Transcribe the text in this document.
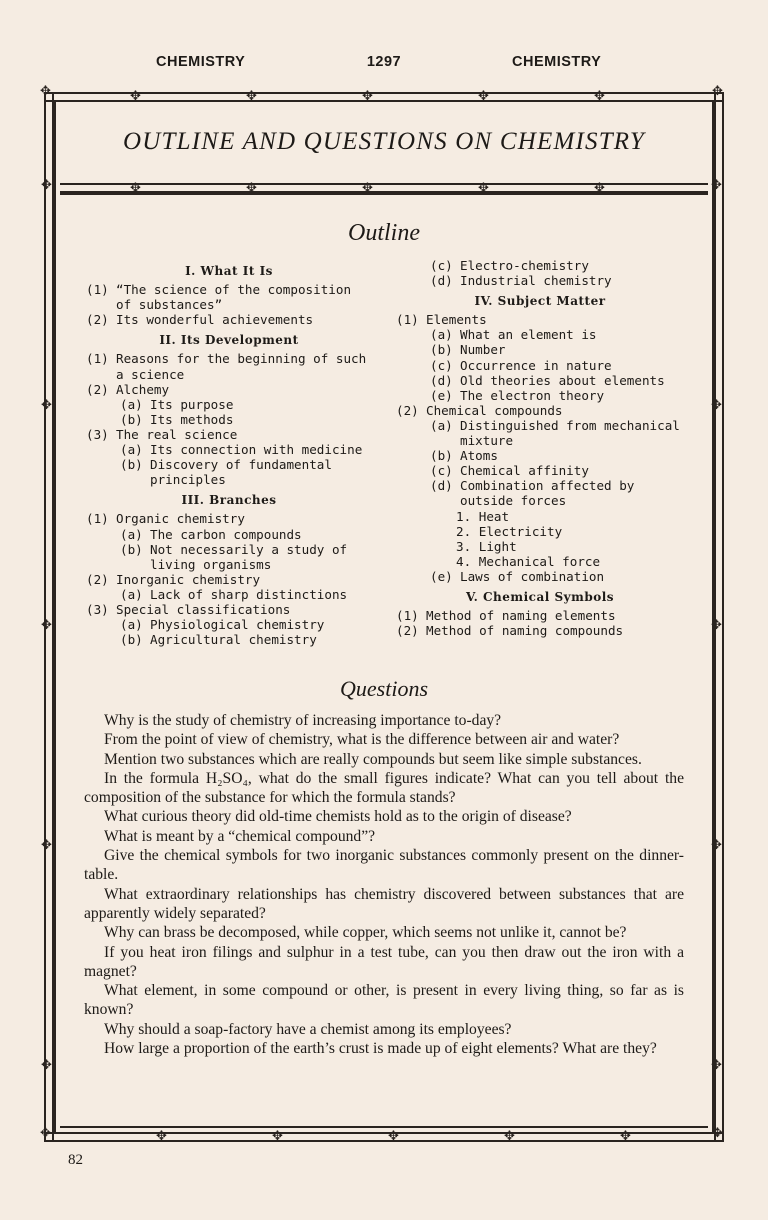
CHEMISTRY	1297	CHEMISTRY
✥	✥
✥	✥
✥	✥	✥	✥	✥
✥	✥	✥	✥	✥
✥	✥	✥	✥	✥
✥
✥
✥
✥
✥
✥
✥
✥
✥
✥
OUTLINE AND QUESTIONS ON CHEMISTRY
Outline
I. What It Is
(1) “The science of the composition of substances”
(2) Its wonderful achievements
II. Its Development
(1) Reasons for the beginning of such a science
(2) Alchemy
(a) Its purpose
(b) Its methods
(3) The real science
(a) Its connection with medicine
(b) Discovery of fundamental principles
III. Branches
(1) Organic chemistry
(a) The carbon compounds
(b) Not necessarily a study of living organisms
(2) Inorganic chemistry
(a) Lack of sharp distinctions
(3) Special classifications
(a) Physiological chemistry
(b) Agricultural chemistry
(c) Electro-chemistry
(d) Industrial chemistry
IV. Subject Matter
(1) Elements
(a) What an element is
(b) Number
(c) Occurrence in nature
(d) Old theories about elements
(e) The electron theory
(2) Chemical compounds
(a) Distinguished from mechanical mixture
(b) Atoms
(c) Chemical affinity
(d) Combination affected by outside forces
1. Heat
2. Electricity
3. Light
4. Mechanical force
(e) Laws of combination
V. Chemical Symbols
(1) Method of naming elements
(2) Method of naming compounds
Questions

Why is the study of chemistry of increasing importance to-day?

From the point of view of chemistry, what is the difference between air and water?

Mention two substances which are really compounds but seem like simple substances.

In the formula H₂SO₄, what do the small figures indicate? What can you tell about the composition of the substance for which the formula stands?

What curious theory did old-time chemists hold as to the origin of disease?

What is meant by a “chemical compound”?

Give the chemical symbols for two inorganic substances commonly present on the dinner-table.

What extraordinary relationships has chemistry discovered between substances that are apparently widely separated?

Why can brass be decomposed, while copper, which seems not unlike it, cannot be?

If you heat iron filings and sulphur in a test tube, can you then draw out the iron with a magnet?

What element, in some compound or other, is present in every living thing, so far as is known?

Why should a soap-factory have a chemist among its employees?

How large a proportion of the earth’s crust is made up of eight elements? What are they?

82
